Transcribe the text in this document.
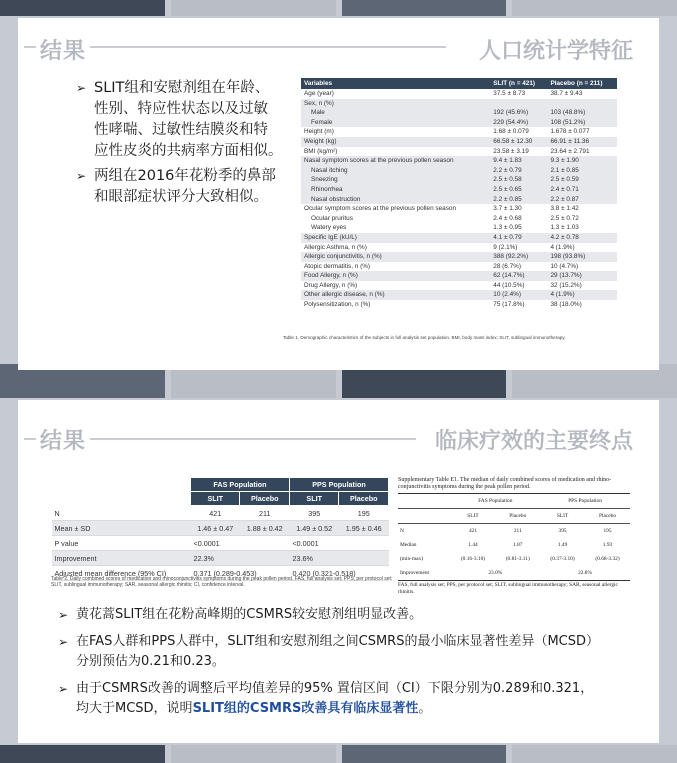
结果	人口统计学特征
➢ SLIT组和安慰剂组在年龄、
性别、特应性状态以及过敏
性哮喘、过敏性结膜炎和特
应性皮炎的共病率方面相似。
➢ 两组在2016年花粉季的鼻部
和眼部症状评分大致相似。
Variables	SLIT (n = 421)	Placebo (n = 211)
Age (year)	37.5 ± 8.73	38.7 ± 9.43
Sex, n (%)		
Male	192 (45.6%)	103 (48.8%)
Female	229 (54.4%)	108 (51.2%)
Height (m)	1.68 ± 0.079	1.678 ± 0.077
Weight (kg)	66.58 ± 12.30	66.91 ± 11.36
BMI (kg/m²)	23.58 ± 3.19	23.64 ± 2.791
Nasal symptom scores at the previous pollen season	9.4 ± 1.83	9.3 ± 1.90
Nasal itching	2.2 ± 0.79	2.1 ± 0.85
Sneezing	2.5 ± 0.58	2.5 ± 0.59
Rhinorrhea	2.5 ± 0.65	2.4 ± 0.71
Nasal obstruction	2.2 ± 0.85	2.2 ± 0.87
Ocular symptom scores at the previous pollen season	3.7 ± 1.30	3.8 ± 1.42
Ocular pruritus	2.4 ± 0.68	2.5 ± 0.72
Watery eyes	1.3 ± 0.95	1.3 ± 1.03
Specific IgE (kU/L)	4.1 ± 0.79	4.2 ± 0.78
Allergic Asthma, n (%)	9 (2.1%)	4 (1.9%)
Allergic conjunctivitis, n (%)	388 (92.2%)	198 (93.8%)
Atopic dermatitis, n (%)	28 (6.7%)	10 (4.7%)
Food Allergy, n (%)	62 (14.7%)	29 (13.7%)
Drug Allergy, n (%)	44 (10.5%)	32 (15.2%)
Other allergic disease, n (%)	10 (2.4%)	4 (1.9%)
Polysensitization, n (%)	75 (17.8%)	38 (18.0%)
Table 1. Demographic characteristics of the subjects in full analysis set population. BMI, body mass index; SLIT, sublingual immunotherapy.
结果	临床疗效的主要终点
	FAS Population		PPS Population	
	SLIT	Placebo	SLIT	Placebo
N	421	211	395	195
Mean ± SD	1.46 ± 0.47	1.88 ± 0.42	1.49 ± 0.52	1.95 ± 0.46
P value	<0.0001		<0.0001	
Improvement	22.3%		23.6%	
Adjusted mean difference (95% CI)	0.371 (0.289-0.453)		0.420 (0.321-0.518)	
Table 2. Daily combined scores of medication and rhinoconjunctivitis symptoms during the peak pollen period. FAS, full analysis set; PPS, per protocol set; SLIT, sublingual immunotherapy; SAR, seasonal allergic rhinitis; CI, confidence interval.
Supplementary Table E1. The median of daily combined scores of medication and rhino-conjunctivitis symptoms during the peak pollen period.
	FAS Population		PPS Population	
	SLIT	Placebo	SLIT	Placebo
N	421	211	395	195
Median	1.44	1.87	1.49	1.93
(min-max)	(0.16-3.10)	(0.81-3.11)	(0.37-3.10)	(0.68-3.32)
Improvement	23.0%		22.8%	
FAS, full analysis set; PPS, per protocol set; SLIT, sublingual immunotherapy; SAR, seasonal allergic rhinitis.
➢ 黄花蒿SLIT组在花粉高峰期的CSMRS较安慰剂组明显改善。
➢ 在FAS人群和PPS人群中，SLIT组和安慰剂组之间CSMRS的最小临床显著性差异（MCSD）
分别预估为0.21和0.23。
➢ 由于CSMRS改善的调整后平均值差异的95% 置信区间（CI）下限分别为0.289和0.321，
均大于MCSD，说明SLIT组的CSMRS改善具有临床显著性。
